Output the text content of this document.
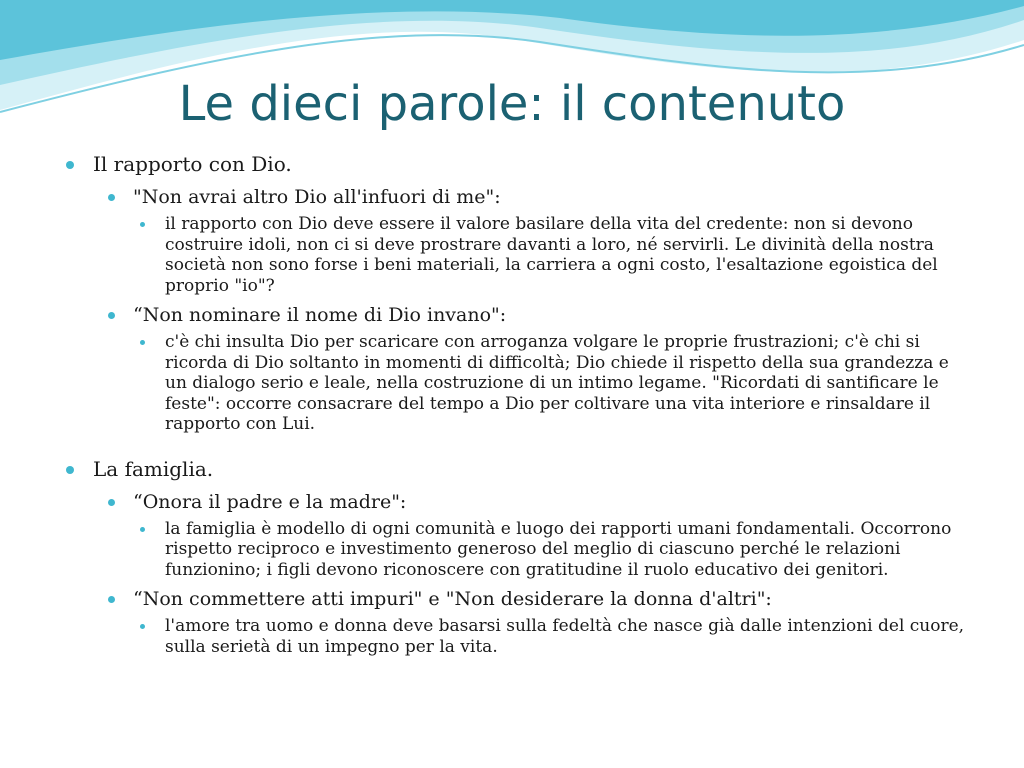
Le dieci parole: il contenuto
Il rapporto con Dio.
"Non avrai altro Dio all'infuori di me":
il rapporto con Dio deve essere il valore basilare della vita del credente: non si devono costruire idoli, non ci si deve prostrare davanti a loro, né servirli. Le divinità della nostra società non sono forse i beni materiali, la carriera a ogni costo, l'esaltazione egoistica del proprio "io"?
“Non nominare il nome di Dio invano":
c'è chi insulta Dio per scaricare con arroganza volgare le proprie frustrazioni; c'è chi si ricorda di Dio soltanto in momenti di difficoltà; Dio chiede il rispetto della sua grandezza e un dialogo serio e leale, nella costruzione di un intimo legame. "Ricordati di santificare le feste": occorre consacrare del tempo a Dio per coltivare una vita interiore e rinsaldare il rapporto con Lui.
La famiglia.
“Onora il padre e la madre":
la famiglia è modello di ogni comunità e luogo dei rapporti umani fondamentali. Occorrono rispetto reciproco e investimento generoso del meglio di ciascuno perché le relazioni funzionino; i figli devono riconoscere con gratitudine il ruolo educativo dei genitori.
“Non commettere atti impuri" e "Non desiderare la donna d'altri":
l'amore tra uomo e donna deve basarsi sulla fedeltà che nasce già dalle intenzioni del cuore, sulla serietà di un impegno per la vita.
